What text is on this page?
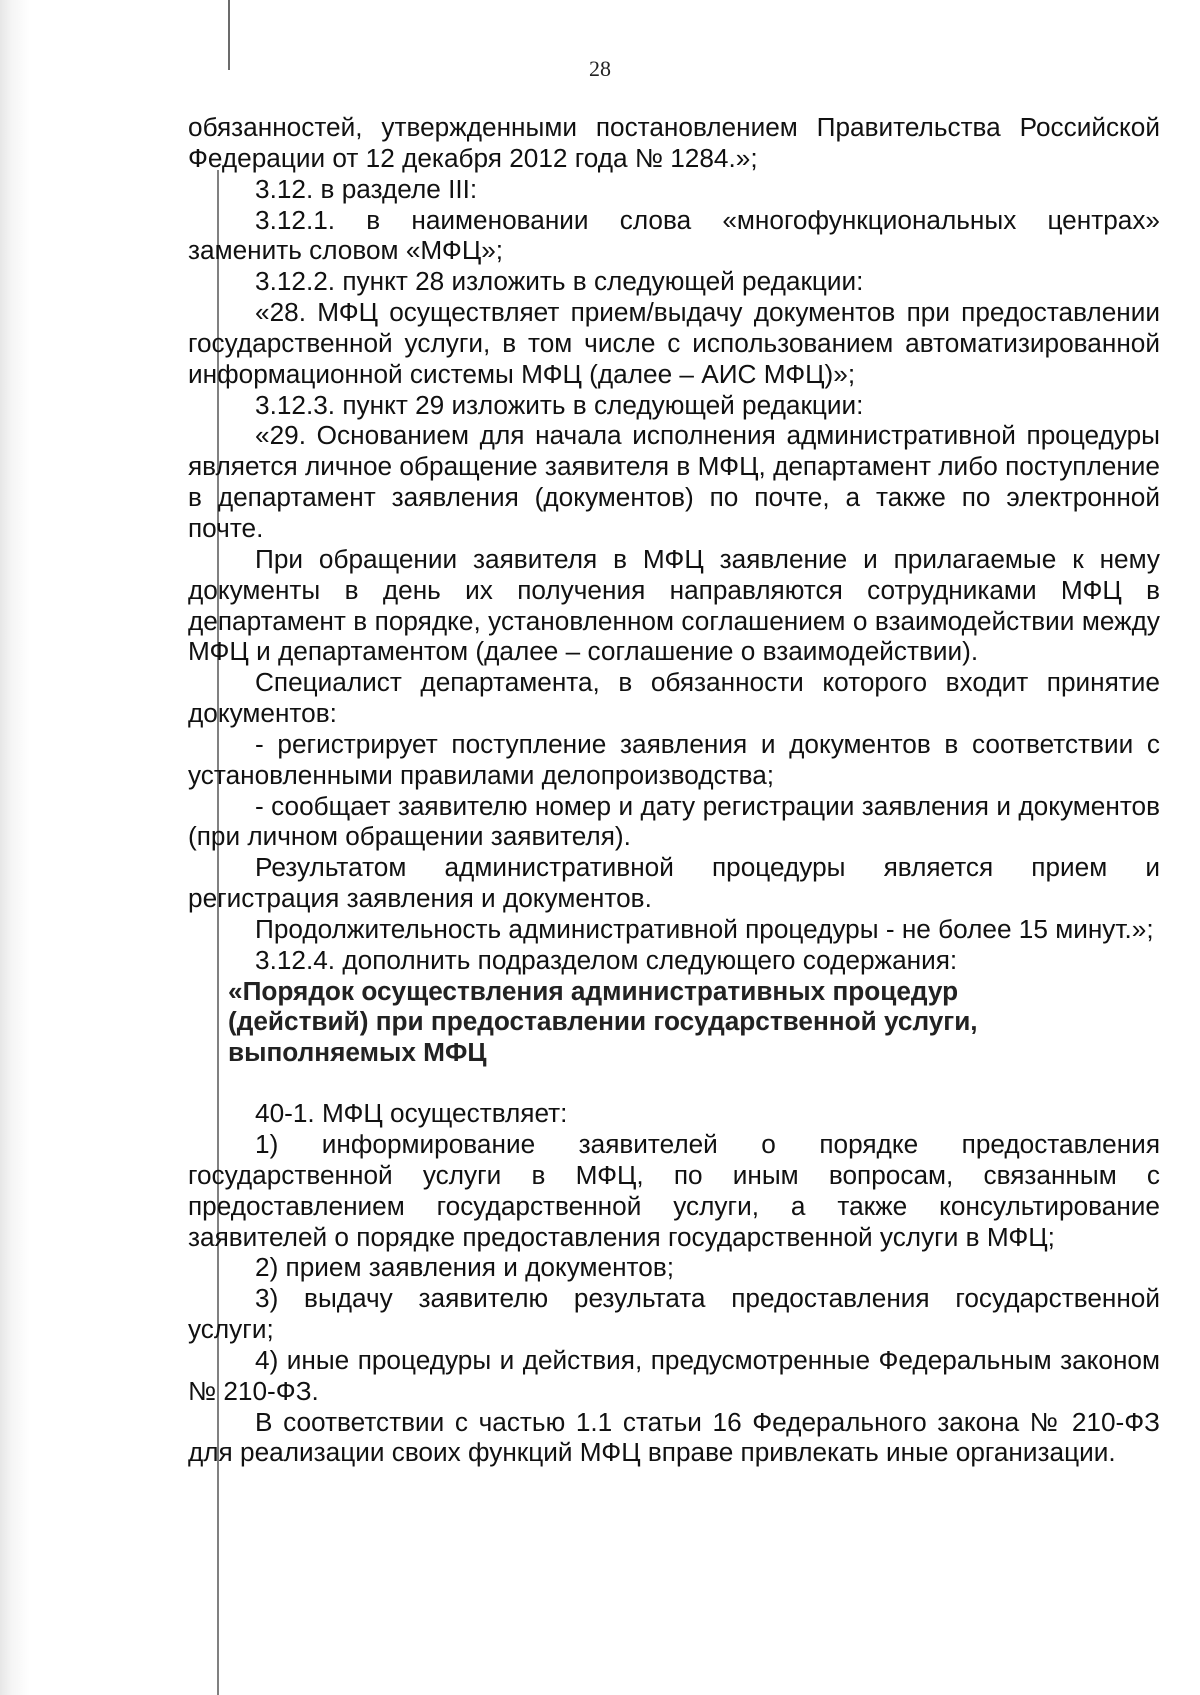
28

обязанностей, утвержденными постановлением Правительства Российской Федерации от 12 декабря 2012 года № 1284.»;

3.12. в разделе III:

3.12.1. в наименовании слова «многофункциональных центрах» заменить словом «МФЦ»;

3.12.2. пункт 28 изложить в следующей редакции:

«28. МФЦ осуществляет прием/выдачу документов при предоставлении государственной услуги, в том числе с использованием автоматизированной информационной системы МФЦ (далее – АИС МФЦ)»;

3.12.3. пункт 29 изложить в следующей редакции:

«29. Основанием для начала исполнения административной процедуры является личное обращение заявителя в МФЦ, департамент либо поступление в департамент заявления (документов) по почте, а также по электронной почте.

При обращении заявителя в МФЦ заявление и прилагаемые к нему документы в день их получения направляются сотрудниками МФЦ в департамент в порядке, установленном соглашением о взаимодействии между МФЦ и департаментом (далее – соглашение о взаимодействии).

Специалист департамента, в обязанности которого входит принятие документов:

- регистрирует поступление заявления и документов в соответствии с установленными правилами делопроизводства;

- сообщает заявителю номер и дату регистрации заявления и документов (при личном обращении заявителя).

Результатом административной процедуры является прием и регистрация заявления и документов.

Продолжительность административной процедуры - не более 15 минут.»;

3.12.4. дополнить подразделом следующего содержания:

«Порядок осуществления административных процедур

(действий) при предоставлении государственной услуги,

выполняемых МФЦ

40-1. МФЦ осуществляет:

1) информирование заявителей о порядке предоставления государственной услуги в МФЦ, по иным вопросам, связанным с предоставлением государственной услуги, а также консультирование заявителей о порядке предоставления государственной услуги в МФЦ;

2) прием заявления и документов;

3) выдачу заявителю результата предоставления государственной услуги;

4) иные процедуры и действия, предусмотренные Федеральным законом № 210-ФЗ.

В соответствии с частью 1.1 статьи 16 Федерального закона № 210-ФЗ для реализации своих функций МФЦ вправе привлекать иные организации.
